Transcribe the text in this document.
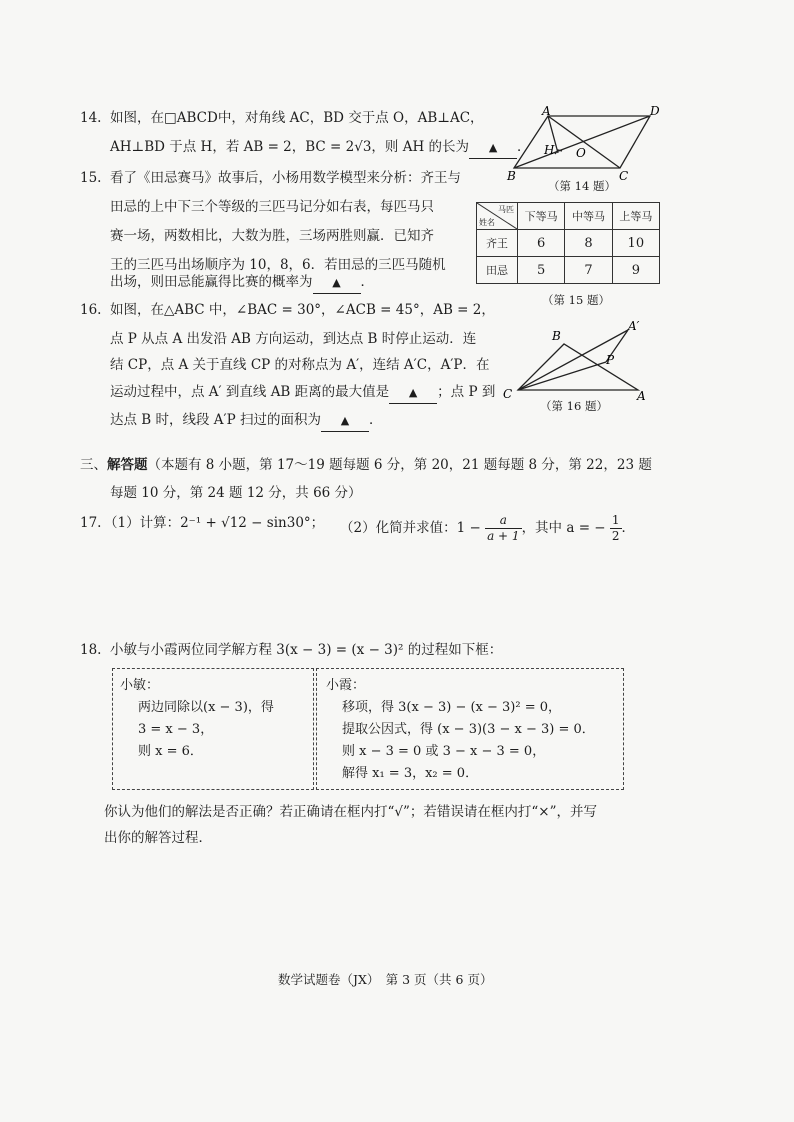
14. 如图，在□ABCD中，对角线 AC，BD 交于点 O，AB⊥AC，
AH⊥BD 于点 H，若 AB = 2，BC = 2√3，则 AH 的长为 ▲ ．
A	D
H O
B	C
（第 14 题）
15. 看了《田忌赛马》故事后，小杨用数学模型来分析：齐王与
田忌的上中下三个等级的三匹马记分如右表，每匹马只
赛一场，两数相比，大数为胜，三场两胜则赢．已知齐
王的三匹马出场顺序为 10，8，6．若田忌的三匹马随机
出场，则田忌能赢得比赛的概率为 ▲ ．
马匹
姓名	下等马	中等马	上等马
齐王	6	8	10
田忌	5	7	9
（第 15 题）
16. 如图，在△ABC 中，∠BAC = 30°，∠ACB = 45°，AB = 2，
点 P 从点 A 出发沿 AB 方向运动，到达点 B 时停止运动．连
结 CP，点 A 关于直线 CP 的对称点为 A′，连结 A′C，A′P．在
运动过程中，点 A′ 到直线 AB 距离的最大值是 ▲ ；点 P 到
达点 B 时，线段 A′P 扫过的面积为 ▲ ．
B
A′
P
C	A
（第 16 题）
三、解答题（本题有 8 小题，第 17～19 题每题 6 分，第 20，21 题每题 8 分，第 22，23 题
每题 10 分，第 24 题 12 分，共 66 分）
17. （1）计算：2⁻¹ + √12 − sin30°； （2）化简并求值：$1 - \frac{a}{a + 1}$ ，其中 a = − $\frac{1}{2}$ ．
18. 小敏与小霞两位同学解方程 3(x − 3) = (x − 3)² 的过程如下框：
小敏：
两边同除以(x − 3)，得
3 = x − 3，
则 x = 6．
小霞：
移项，得 3(x − 3) − (x − 3)² = 0，
提取公因式，得 (x − 3)(3 − x − 3) = 0．
则 x − 3 = 0 或 3 − x − 3 = 0，
解得 x₁ = 3，x₂ = 0．
你认为他们的解法是否正确？若正确请在框内打“√”；若错误请在框内打“×”，并写
出你的解答过程．
数学试题卷（JX）　第 3 页（共 6 页）
